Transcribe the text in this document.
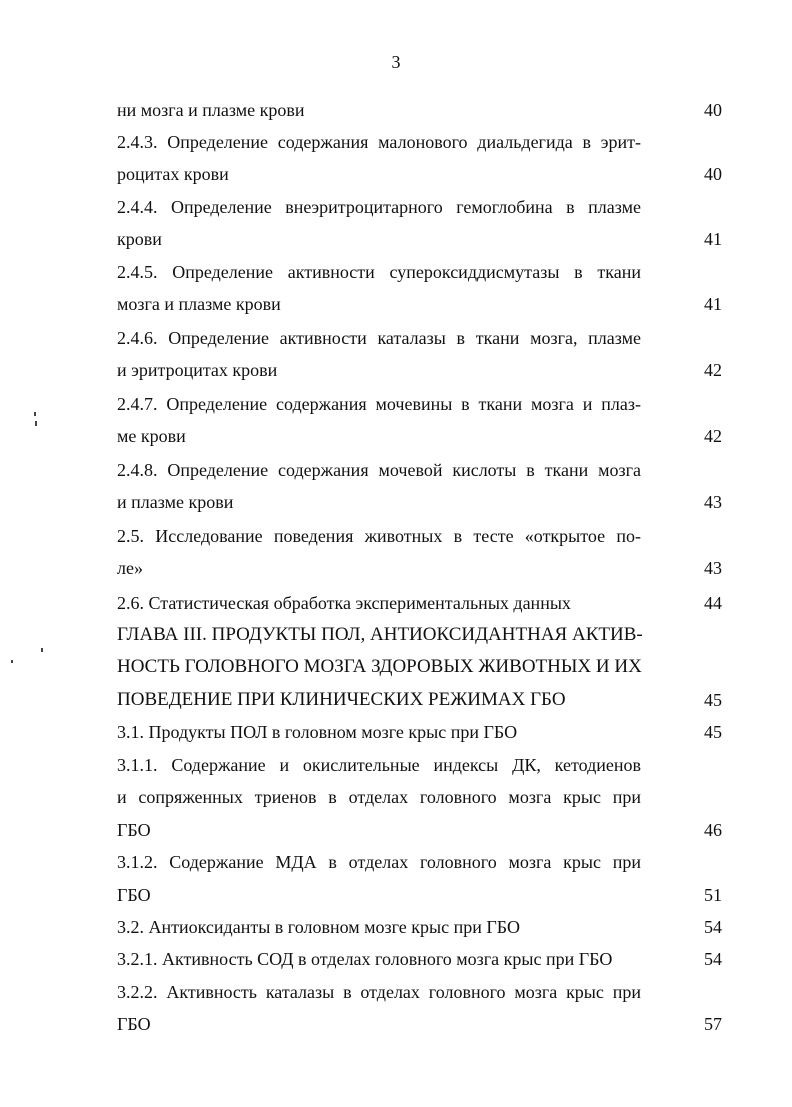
3
ни мозга и плазме крови
2.4.3. Определение содержания малонового диальдегида в эрит-
роцитах крови
2.4.4. Определение внеэритроцитарного гемоглобина в плазме
крови
2.4.5. Определение активности супероксиддисмутазы в ткани
мозга и плазме крови
2.4.6. Определение активности каталазы в ткани мозга, плазме
и эритроцитах крови
2.4.7. Определение содержания мочевины в ткани мозга и плаз-
ме крови
2.4.8. Определение содержания мочевой кислоты в ткани мозга
и плазме крови
2.5. Исследование поведения животных в тесте «открытое по-
ле»
2.6. Статистическая обработка экспериментальных данных
ГЛАВА III. ПРОДУКТЫ ПОЛ, АНТИОКСИДАНТНАЯ АКТИВ-
НОСТЬ ГОЛОВНОГО МОЗГА ЗДОРОВЫХ ЖИВОТНЫХ И ИХ
ПОВЕДЕНИЕ ПРИ КЛИНИЧЕСКИХ РЕЖИМАХ ГБО
3.1. Продукты ПОЛ в головном мозге крыс при ГБО
3.1.1. Содержание и окислительные индексы ДК, кетодиенов
и сопряженных триенов в отделах головного мозга крыс при
ГБО
3.1.2. Содержание МДА в отделах головного мозга крыс при
ГБО
3.2. Антиоксиданты в головном мозге крыс при ГБО
3.2.1. Активность СОД в отделах головного мозга крыс при ГБО
3.2.2. Активность каталазы в отделах головного мозга крыс при
ГБО
40
40
41
41
42
42
43
43
44
45
45
46
51
54
54
57
